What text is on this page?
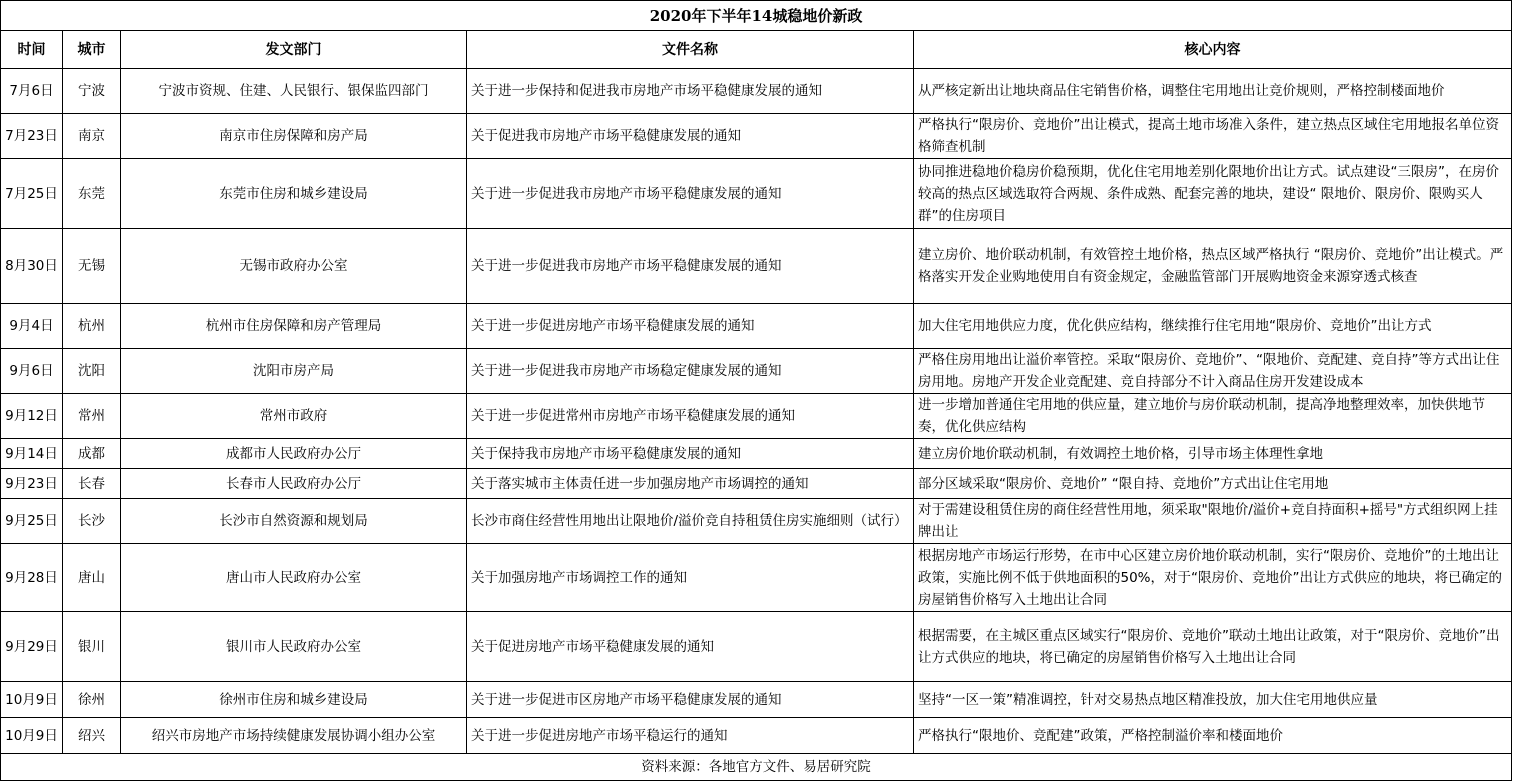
2020年下半年14城稳地价新政				
时间	城市	发文部门	文件名称	核心内容
7月6日	宁波	宁波市资规、住建、人民银行、银保监四部门	关于进一步保持和促进我市房地产市场平稳健康发展的通知	从严核定新出让地块商品住宅销售价格，调整住宅用地出让竞价规则，严格控制楼面地价
7月23日	南京	南京市住房保障和房产局	关于促进我市房地产市场平稳健康发展的通知	严格执行“限房价、竞地价”出让模式，提高土地市场准入条件，建立热点区域住宅用地报名单位资格筛查机制
7月25日	东莞	东莞市住房和城乡建设局	关于进一步促进我市房地产市场平稳健康发展的通知	协同推进稳地价稳房价稳预期，优化住宅用地差别化限地价出让方式。试点建设“三限房”，在房价较高的热点区域选取符合两规、条件成熟、配套完善的地块，建设“ 限地价、限房价、限购买人群”的住房项目
8月30日	无锡	无锡市政府办公室	关于进一步促进我市房地产市场平稳健康发展的通知	建立房价、地价联动机制，有效管控土地价格，热点区域严格执行 “限房价、竞地价”出让模式。严格落实开发企业购地使用自有资金规定，金融监管部门开展购地资金来源穿透式核查
9月4日	杭州	杭州市住房保障和房产管理局	关于进一步促进房地产市场平稳健康发展的通知	加大住宅用地供应力度，优化供应结构，继续推行住宅用地“限房价、竞地价”出让方式
9月6日	沈阳	沈阳市房产局	关于进一步促进我市房地产市场稳定健康发展的通知	严格住房用地出让溢价率管控。采取“限房价、竞地价”、“限地价、竞配建、竞自持”等方式出让住房用地。房地产开发企业竞配建、竞自持部分不计入商品住房开发建设成本
9月12日	常州	常州市政府	关于进一步促进常州市房地产市场平稳健康发展的通知	进一步增加普通住宅用地的供应量，建立地价与房价联动机制，提高净地整理效率，加快供地节奏，优化供应结构
9月14日	成都	成都市人民政府办公厅	关于保持我市房地产市场平稳健康发展的通知	建立房价地价联动机制，有效调控土地价格，引导市场主体理性拿地
9月23日	长春	长春市人民政府办公厅	关于落实城市主体责任进一步加强房地产市场调控的通知	部分区域采取“限房价、竞地价” “限自持、竞地价”方式出让住宅用地
9月25日	长沙	长沙市自然资源和规划局	长沙市商住经营性用地出让限地价/溢价竞自持租赁住房实施细则（试行）	对于需建设租赁住房的商住经营性用地，须采取"限地价/溢价+竞自持面积+摇号"方式组织网上挂牌出让
9月28日	唐山	唐山市人民政府办公室	关于加强房地产市场调控工作的通知	根据房地产市场运行形势，在市中心区建立房价地价联动机制，实行“限房价、竞地价”的土地出让政策，实施比例不低于供地面积的50%，对于“限房价、竞地价”出让方式供应的地块，将已确定的房屋销售价格写入土地出让合同
9月29日	银川	银川市人民政府办公室	关于促进房地产市场平稳健康发展的通知	根据需要，在主城区重点区域实行“限房价、竞地价”联动土地出让政策，对于“限房价、竞地价”出让方式供应的地块，将已确定的房屋销售价格写入土地出让合同
10月9日	徐州	徐州市住房和城乡建设局	关于进一步促进市区房地产市场平稳健康发展的通知	坚持“一区一策”精准调控，针对交易热点地区精准投放，加大住宅用地供应量
10月9日	绍兴	绍兴市房地产市场持续健康发展协调小组办公室	关于进一步促进房地产市场平稳运行的通知	严格执行“限地价、竞配建”政策，严格控制溢价率和楼面地价
资料来源：各地官方文件、易居研究院				
